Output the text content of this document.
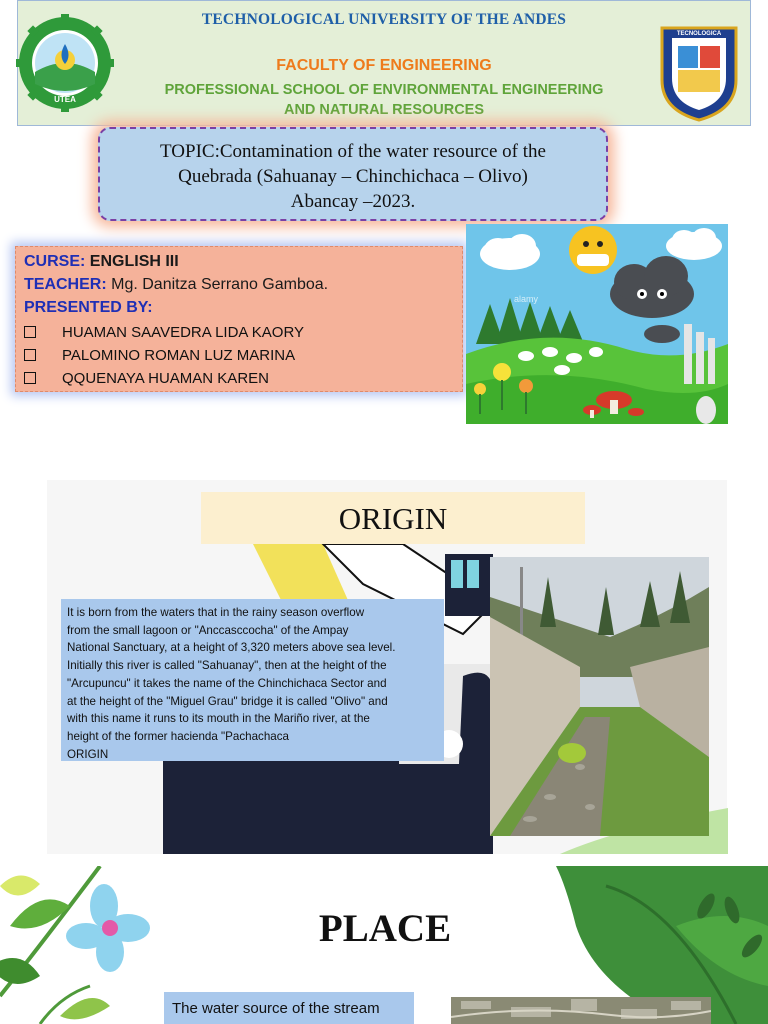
TECHNOLOGICAL UNIVERSITY OF THE ANDES
FACULTY OF ENGINEERING
PROFESSIONAL SCHOOL OF ENVIRONMENTAL ENGINEERING
AND NATURAL RESOURCES
UTEA
TECNOLOGICA
TOPIC:Contamination of the water resource of the
Quebrada (Sahuanay – Chinchichaca – Olivo)
Abancay –2023.
CURSE: ENGLISH III
TEACHER: Mg. Danitza Serrano Gamboa.
PRESENTED BY:
HUAMAN SAAVEDRA LIDA KAORY
PALOMINO ROMAN LUZ MARINA
QQUENAYA HUAMAN KAREN
alamy
ORIGIN
It is born from the waters that in the rainy season overflow
from the small lagoon or "Anccasccocha" of the Ampay
National Sanctuary, at a height of 3,320 meters above sea level.
Initially this river is called "Sahuanay", then at the height of the
"Arcupuncu" it takes the name of the Chinchichaca Sector and
at the height of the "Miguel Grau" bridge it is called "Olivo" and
with this name it runs to its mouth in the Mariño river, at the
height of the former hacienda "Pachachaca
ORIGIN
PLACE
The water source of the stream
